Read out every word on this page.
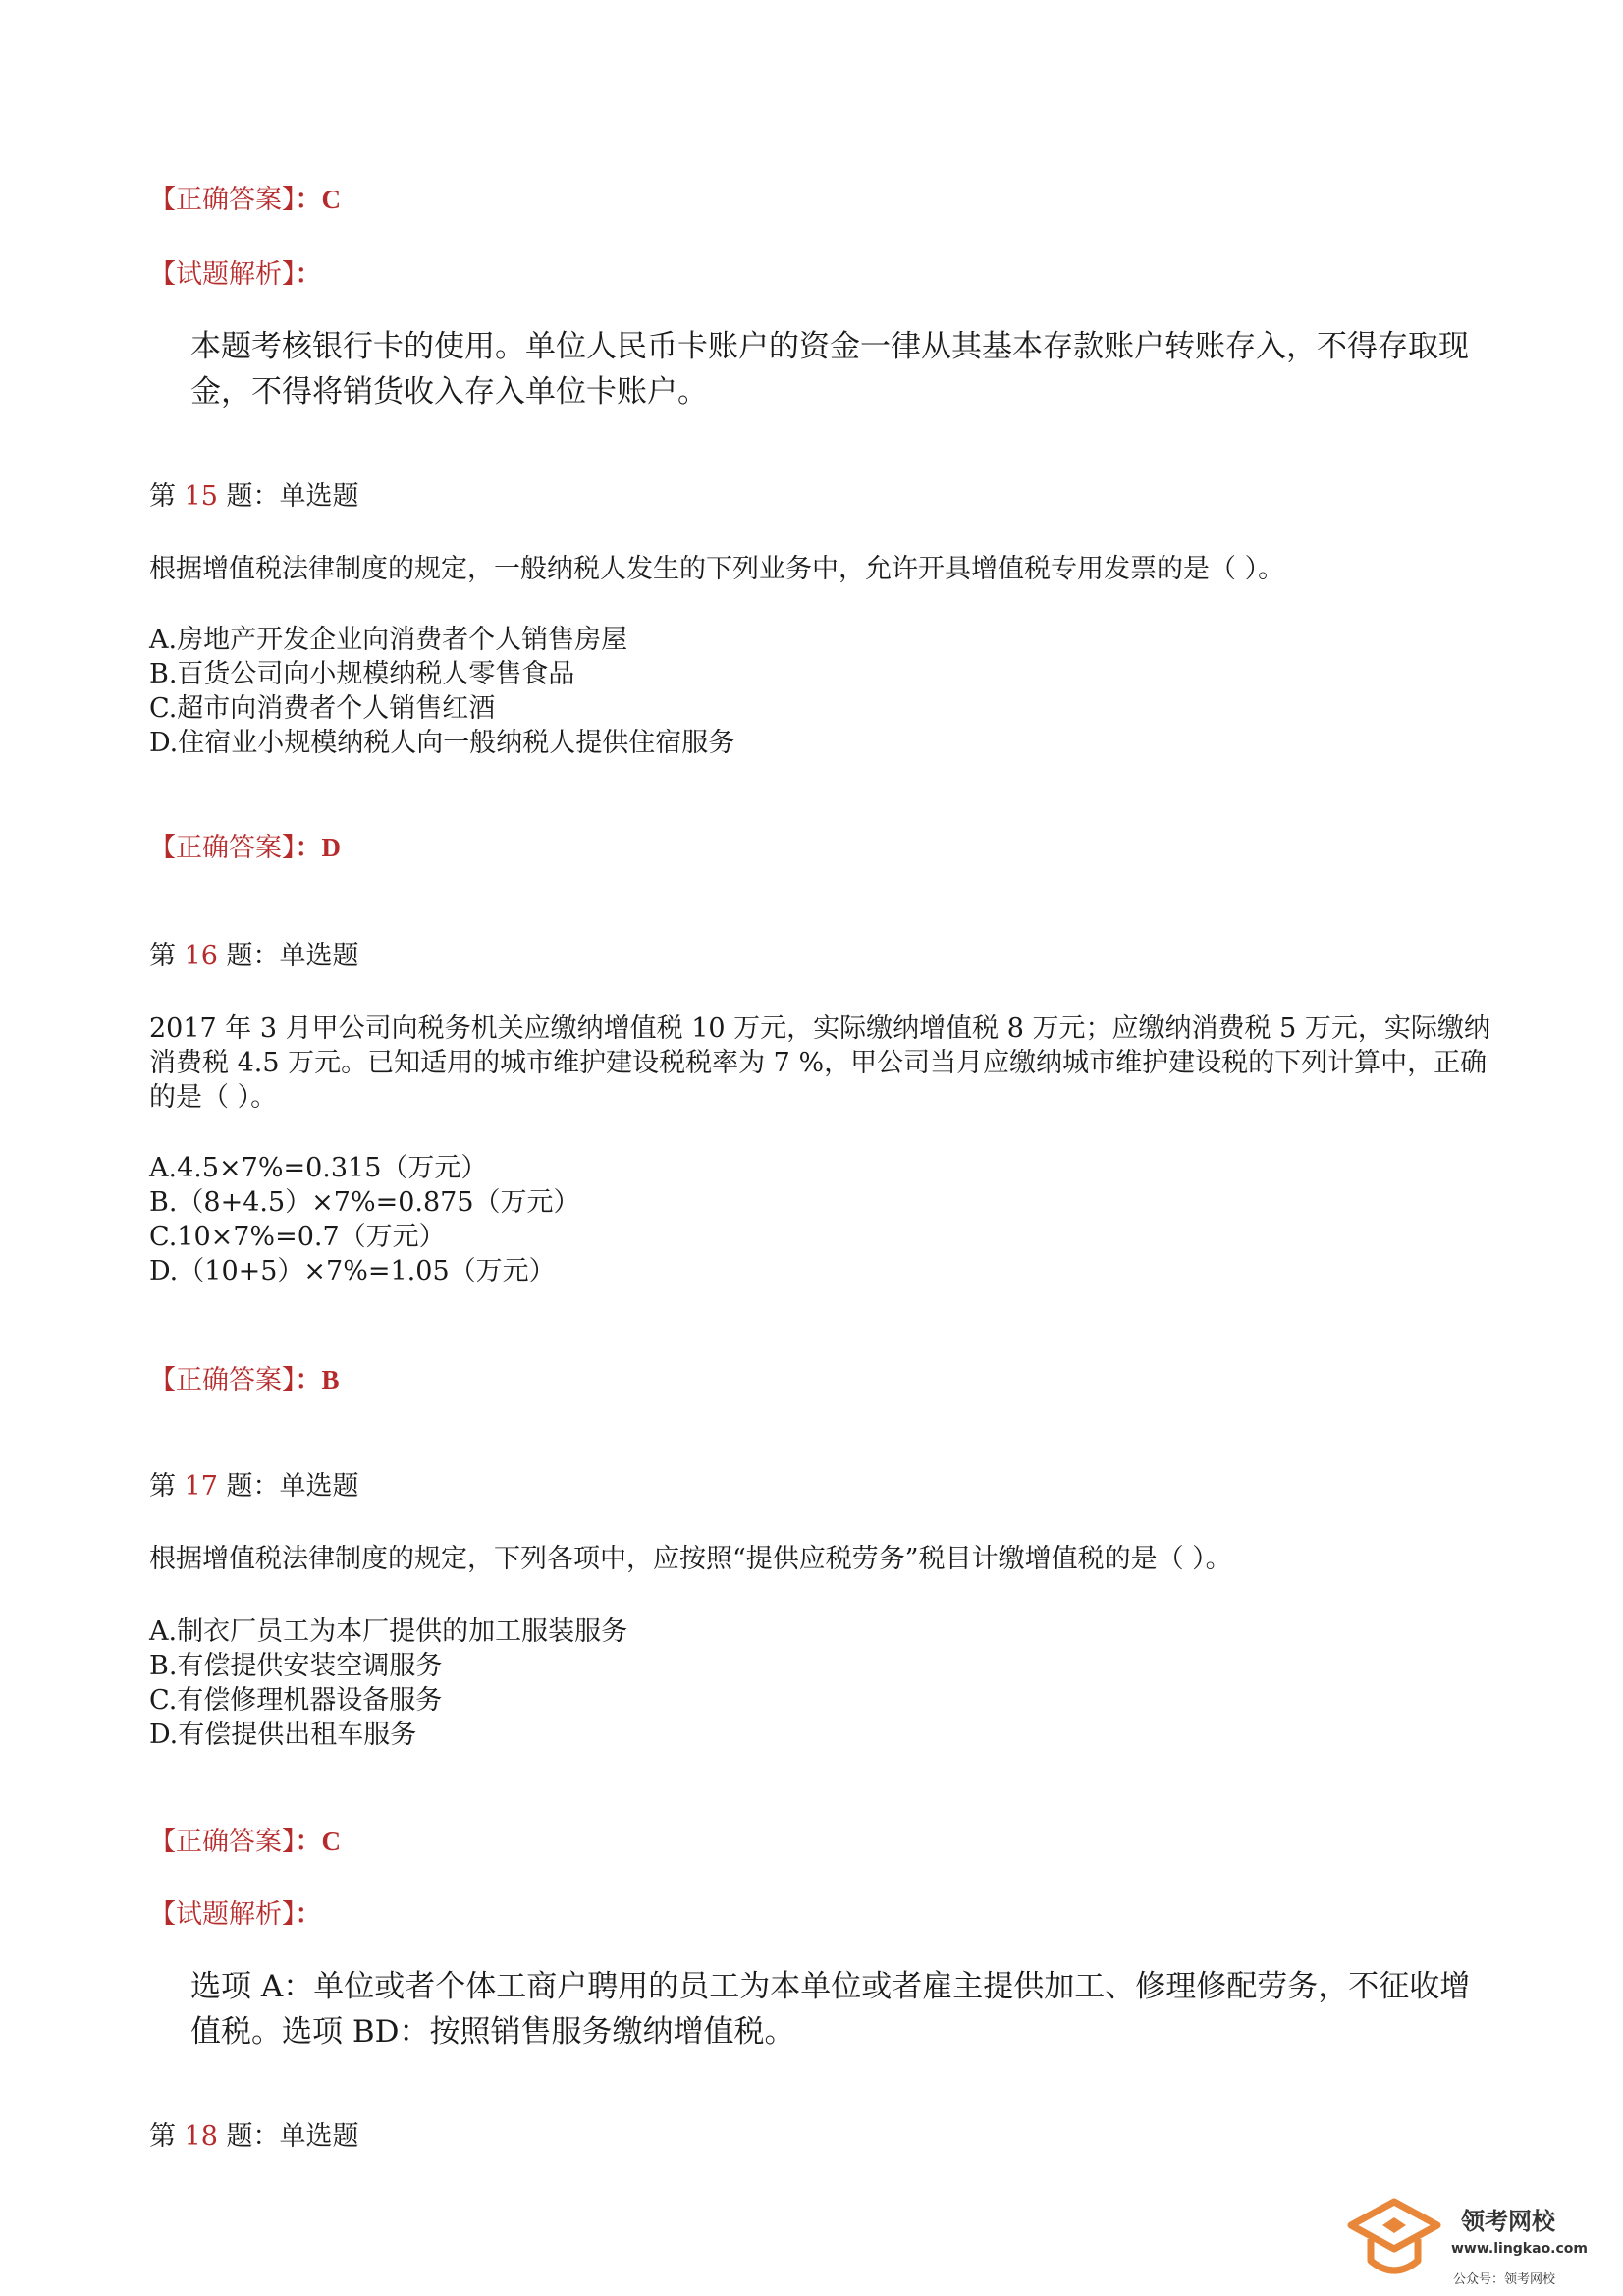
【正确答案】：C
【试题解析】：
本题考核银行卡的使用。单位人民币卡账户的资金一律从其基本存款账户转账存入，不得存取现金，不得将销货收入存入单位卡账户。
第 15 题：单选题
根据增值税法律制度的规定，一般纳税人发生的下列业务中，允许开具增值税专用发票的是（ ）。
A.房地产开发企业向消费者个人销售房屋
B.百货公司向小规模纳税人零售食品
C.超市向消费者个人销售红酒
D.住宿业小规模纳税人向一般纳税人提供住宿服务
【正确答案】：D
第 16 题：单选题
2017 年 3 月甲公司向税务机关应缴纳增值税 10 万元，实际缴纳增值税 8 万元；应缴纳消费税 5 万元，实际缴纳消费税 4.5 万元。已知适用的城市维护建设税税率为 7 %，甲公司当月应缴纳城市维护建设税的下列计算中，正确的是（ ）。
A.4.5×7%=0.315（万元）
B.（8+4.5）×7%=0.875（万元）
C.10×7%=0.7（万元）
D.（10+5）×7%=1.05（万元）
【正确答案】：B
第 17 题：单选题
根据增值税法律制度的规定，下列各项中，应按照“提供应税劳务”税目计缴增值税的是（ ）。
A.制衣厂员工为本厂提供的加工服装服务
B.有偿提供安装空调服务
C.有偿修理机器设备服务
D.有偿提供出租车服务
【正确答案】：C
【试题解析】：
选项 A：单位或者个体工商户聘用的员工为本单位或者雇主提供加工、修理修配劳务，不征收增值税。选项 BD：按照销售服务缴纳增值税。
第 18 题：单选题
领考网校
www.lingkao.com
公众号：领考网校
